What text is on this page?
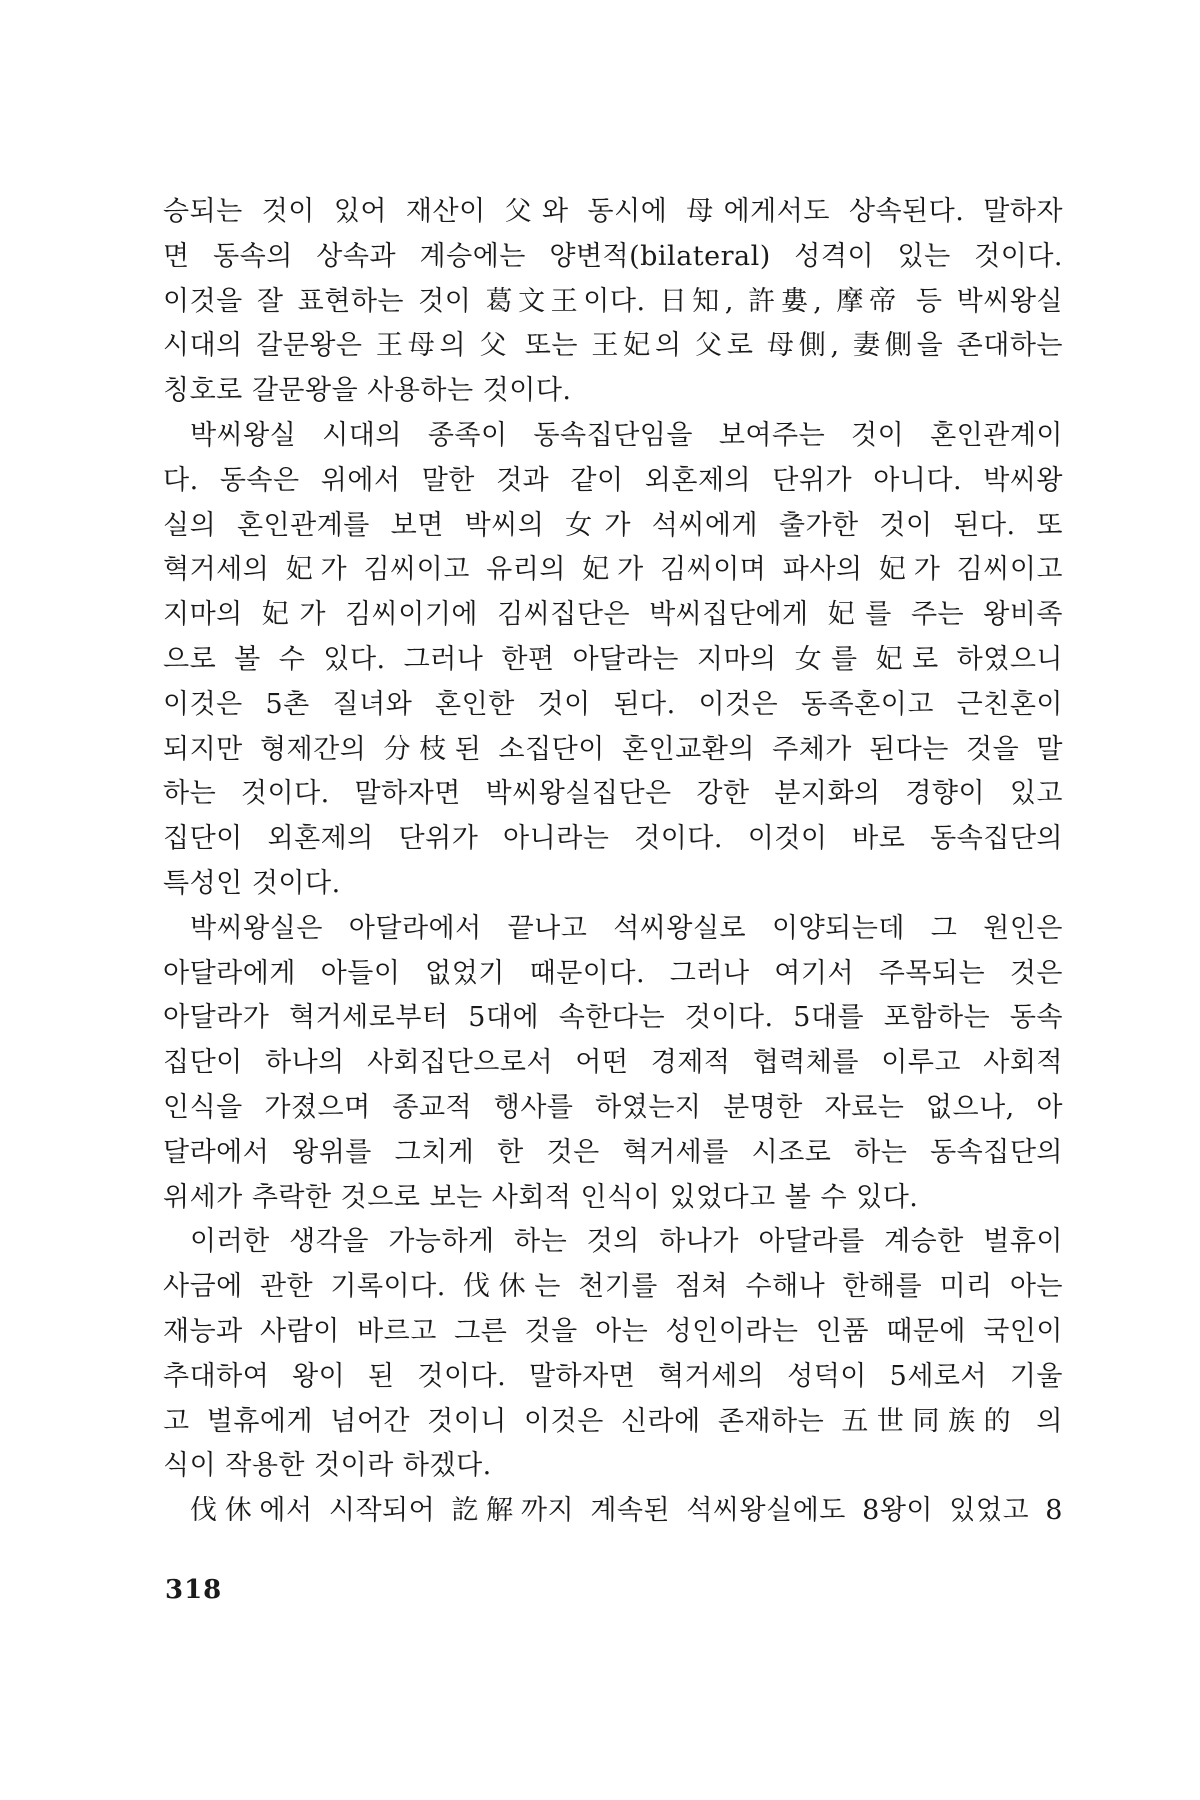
승되는 것이 있어 재산이 父와 동시에 母에게서도 상속된다. 말하자
면 동속의 상속과 계승에는 양변적(bilateral) 성격이 있는 것이다.
이것을 잘 표현하는 것이 葛文王이다. 日知, 許婁, 摩帝 등 박씨왕실
시대의 갈문왕은 王母의 父 또는 王妃의 父로 母側, 妻側을 존대하는
칭호로 갈문왕을 사용하는 것이다.
박씨왕실 시대의 종족이 동속집단임을 보여주는 것이 혼인관계이
다. 동속은 위에서 말한 것과 같이 외혼제의 단위가 아니다. 박씨왕
실의 혼인관계를 보면 박씨의 女가 석씨에게 출가한 것이 된다. 또
혁거세의 妃가 김씨이고 유리의 妃가 김씨이며 파사의 妃가 김씨이고
지마의 妃가 김씨이기에 김씨집단은 박씨집단에게 妃를 주는 왕비족
으로 볼 수 있다. 그러나 한편 아달라는 지마의 女를 妃로 하였으니
이것은 5촌 질녀와 혼인한 것이 된다. 이것은 동족혼이고 근친혼이
되지만 형제간의 分枝된 소집단이 혼인교환의 주체가 된다는 것을 말
하는 것이다. 말하자면 박씨왕실집단은 강한 분지화의 경향이 있고
집단이 외혼제의 단위가 아니라는 것이다. 이것이 바로 동속집단의
특성인 것이다.
박씨왕실은 아달라에서 끝나고 석씨왕실로 이양되는데 그 원인은
아달라에게 아들이 없었기 때문이다. 그러나 여기서 주목되는 것은
아달라가 혁거세로부터 5대에 속한다는 것이다. 5대를 포함하는 동속
집단이 하나의 사회집단으로서 어떤 경제적 협력체를 이루고 사회적
인식을 가졌으며 종교적 행사를 하였는지 분명한 자료는 없으나, 아
달라에서 왕위를 그치게 한 것은 혁거세를 시조로 하는 동속집단의
위세가 추락한 것으로 보는 사회적 인식이 있었다고 볼 수 있다.
이러한 생각을 가능하게 하는 것의 하나가 아달라를 계승한 벌휴이
사금에 관한 기록이다. 伐休는 천기를 점쳐 수해나 한해를 미리 아는
재능과 사람이 바르고 그른 것을 아는 성인이라는 인품 때문에 국인이
추대하여 왕이 된 것이다. 말하자면 혁거세의 성덕이 5세로서 기울
고 벌휴에게 넘어간 것이니 이것은 신라에 존재하는 五世同族的 의
식이 작용한 것이라 하겠다.
伐休에서 시작되어 訖解까지 계속된 석씨왕실에도 8왕이 있었고 8
318
